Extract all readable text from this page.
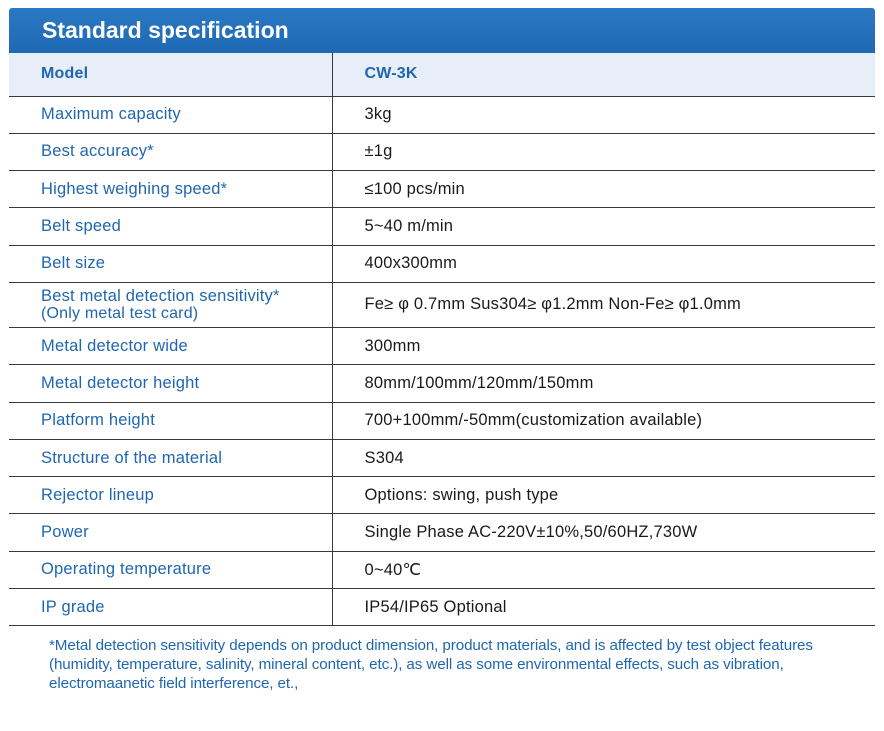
Standard specification
Model	CW-3K
Maximum capacity	3kg
Best accuracy*	±1g
Highest weighing speed*	≤100 pcs/min
Belt speed	5~40 m/min
Belt size	400x300mm

Best metal detection sensitivity*
(Only metal test card)	Fe≥ φ 0.7mm Sus304≥ φ1.2mm Non-Fe≥ φ1.0mm
Metal detector wide	300mm
Metal detector height	80mm/100mm/120mm/150mm
Platform height	700+100mm/-50mm(customization available)
Structure of the material	S304
Rejector lineup	Options: swing, push type
Power	Single Phase AC-220V±10%,50/60HZ,730W
Operating temperature	0~40℃
IP grade	IP54/IP65 Optional

*Metal detection sensitivity depends on product dimension, product materials, and is affected by test object features (humidity, temperature, salinity, mineral content, etc.), as well as some environmental effects, such as vibration, electromaanetic field interference, et.,
